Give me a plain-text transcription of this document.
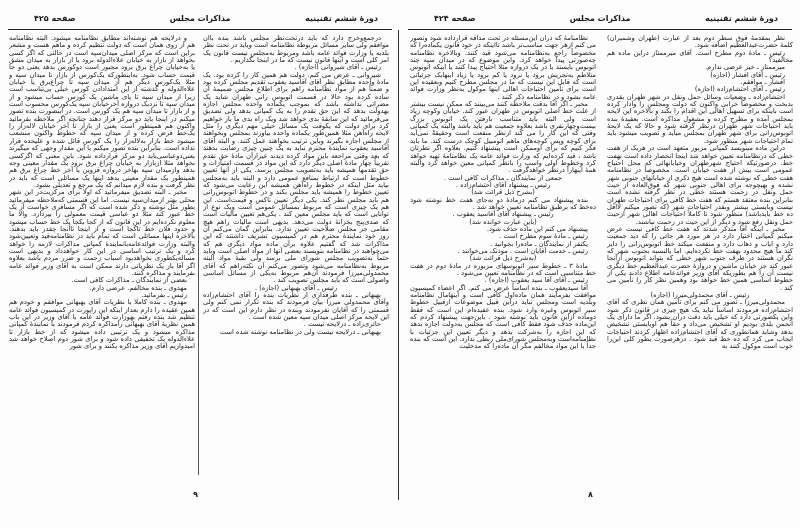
مذاکرات مجلس	دورهٔ ششم تقنینیه
صفحه ۴۲۵

درجمع‌وخرج دارد که باید درتحت‌نظر مجلس باشد بنده باآن موافقم ولی سایر مسائل مربوطه نظامنامه است وباید در تحت نظر بلدیه یا وزارت فوائد عامه باشد ومربوط به‌مجلس نیست قانون یک امر کلی است و اینها قانون نیست که ما در اینجا بگذاریم .

رئیس ـ آقای شیروانی (اجازه) .

شیروانی ـ عرض می کنم. دولت هم همین کار را کرده بود. یک مادهٔ واحده مطابق نظر آقای آقاسید یعقوب تقدیم مجلس کرده بود و ضمناً هم از مواد نظامنامه راهم برای اطلاع مجلس ضمیمهٔ آن ساده کرده بود حالا در قسمت اتوبوس رانی طهران شاید یک مضراتی نداشته باشد که بموجب یکماده واحده مجلس اجازه بهدولت بدهد که این حق تقدم را به یک کمپانی بدهد ولی تصدیق می‌فرمائید که این سابقهٔ بدی خواهد شد ویک راه بدی ما باز خواهیم کرد برای دولت که یکوقت یک مسائل خیلی مهم دیگری را مثل لایحه راه‌آهن مثلا همین‌طور یکماده واحده بیاورند بمجلس وبخواهند از مجلس اجازه بگیرند وباین ترتیب بخواهند عمل کنند. و البته آقای آقاسید یعقوب نمایندهٔ محترم نباید به یک چنین چیزی رضایت بدهند که بعد وقتی مراجعه باین مواد کرده دیدند غیرازآن مادهٔ حق تقدم تقریباً چهار مادهٔ اصلی دیگر دارد که این مواد در قسمت امتیازات و حق تقدمها همیشه باید به‌تصویب مجلس برسد. یکی از آنها تعیین خطوط است که ارتباط بمنافع عمومی دارد و البته باید به‌مجلس بیاید مثل اینکه در خطوط راه‌آهن همیشه این رعایت می‌شود که تعیین خطوط را همیشه باید مجلس بکند و در خطوط اتوبوس‌رانی هم باید مجلس نظر کند. یکی دیگر تعیین تاکس و قیمت‌است. این هم یک چیزی است که مربوط بمسائل عمومی است ویک نوع از توانایی است که باید مجلس معین کند . یکی‌هم تعیین مالیات است که صدی‌پنج بخزانهٔ دولت می‌دهد. بدیهی است مالیات راهم هیچ مقامی جز مجلس صلاحیت تعیین ندارد. بنابراین گمان می‌کنم آن روز خود نمایندهٔ محترم هم در کمیسیون تشریف داشتند که این مذاکرات شد که گفتیم علاوه برآن ماده مواد دیگری هم که می‌خواهند در نظامنامه بنویسند بعضی آنها از مواد اصلی است وباید حتماً به‌تصویب مجلس شورای ملی برسد ولی بقیهٔ مواد البته مربوط به‌نظامنامه می‌شود وتصور می‌کنم آن نکته‌راهم که آقای محمدولی‌میرزا فرمودند آن‌هم مربوط به‌یکی از مسائل اساسی واصولی است که باید مجلس تصویب کند .

رئیس ـ آقای بهبهانی (اجازه) .

بهبهانی ـ بنده طرفداری از نظریات بنده را آقای احتشام‌زاده وآقای محمدولی میرزا بیان فرمودند که بنده تکرار نمی کنم ولی قسمتی را که آقایان نفرمودند وبنده در نظر دارم این است که در این لایحه مرکز اصلی میدان سپه معین شده است .

حائری‌زاده ـ درلایحه نیست .

بهبهانی ـ درلایحه نیست ولی در نظامنامه نوشته شده است

و درلایحه هم نوشته‌اند مطابق نظامنامه میشود. البته نظامنامه هم از روی همان است که دولت تنظیم کرده و ماهم هست و مشعر براین است که مرکز اصلی میدان‌سپه است در حالتی که اگر کسی بخواهد از بازار به خیابان علاءالدوله برود یا از بازار به میدان مشق یا به‌خیابان چراغ برق برود مجبور است دوکورس بدهد یعنی دو جا قیمت حساب شود. به‌اینطورکه یک‌کورس از بازار تا میدان سپه و مثلا یک‌کورس دیگر هم از میدان سپه تا چراغ‌برق یا خیابان علاءالدوله و گذشته از این امتدادادن کورس خیلی بی‌تناسب است زیرا از میدان سپه تا پای ماشین یک کورس حساب میشود و از میدان سپه تا نزدیک دروازه آخرخیابان سپه یک‌کورس محسوب است و از بازار تا میدان سپه هم یک کورس است. در اینصورت بنده تصور میکنم در اینجا باید دو مرکز قرار دهند چنانچه اگر ملاحظه بفرمائید واکنون هم همینطور است یعنی از بازار تا آخر خیابان لاله‌زار را یک‌خط فرض کرده و از میدان سپه که خطوط واکنون منشعب میشود خط بازار به‌لاله‌زار را یک کورس قائل شده و علیحده قرار نداده است. بنابراین بنده تصور میکنم با این مقدار وجهی که میگیرند یعنی‌دوعباسی‌باید دو مرکز قرارداده شود. باین معنی که اگرکسی بخواهد مثلا ازبازار به خیابان چراغ برق برود یک مقدار معینی وجه بدهد وازمیدان سپه بهآخر دروازه قزوین یا آخر خط چراغ برق هم همینطور یک مقدار معینی بدهد اینها یک مسائلی است که باید در نظر گرفت و بنده لازم میدانم که یک مرجع و تعدیلی بشود.

مخبر ـ البته تصدیق میفرمائید که اولا برای مرکزیت‌در این شهر محلی بهتر ازمیدان‌سپه نیست. اما این قسمتی که‌ملاحظه میفرمائید بطور مثل نوشته و ذکر شده است که اگر مسافری خواست از یک خط عبور کند مثلا دو عباسی قیمت معمولی را بپردازد. والا ما معلوم نکرده‌ایم در این قانون که از کجا بکجا یک خط حساب میشود و حدود فلان خط تاکجا است و از اینجا تاآنجا چقدر باید بدهند. بالاخره اینها مسائلی است که تمام باید در نظامنامه‌قید وتعیین‌شود والبته وزارت فوائدعامه‌بانمایندهٔ کمپانی مذاکرات لازمه را خواهد کرد و یک ترتیب اساسی در این کار خواهدداد و بدیهی است مساله‌یکطوری نخواهدبود اسباب زحمت و ضرر مردم باشد بعلاوه اگر آقا باز یک نظریاتی دارند ممکن است به آقای وزیر فوائد عامه بفرمایند و مذاکره کنند.

بعضی از نمایندگان ـ مذاکرات کافی است.

مهدوی ـ بنده مخالفم. عرضی دارم.

رئیس ـ بفرمائید.

مهدوی ـ بنده کاملا با نظریات آقای بهبهانی موافقم و خودم هم همین عقیده را دارم بعداز اینکه این راپورت در کمیسیون فوائد عامه تنظیم شد بنده رفتم بهوزارت فوائد عامه با آقای وزیر در این باب همین نظریهٔ آقای بهبهانی رامذاکره کردم فرمودند با نمایندهٔ کمپانی مذاکره میشود و یک ترتیبی داده میشود که از خط بازار تا علاءالدوله یک تخفیفی داده شود و برای شور دوم اصلاح خواهد شد امیدواریم آقای وزیر مذاکره بکنند و برای شور

۹
مذاکرات مجلس	دورهٔ ششم تقنینیه
صفحه ۴۲۴
۸

نظر بمقدمهٔ فوق سطر دوم بعد از عبارت (طهران وشمیران) کلمهٔ حضرت‌عبدالعظیم اضافه شود.

رئیس ـ مادهٔ دوم مطرح است. آقای میرممتاز دراین ماده هم مخالفید؟

میرممتاز ـ خیر عرضی ندارم.

رئیس ـ آقای افشار (اجازه)

افشار ـ موافقم.

رئیس ـ آقای احتشام‌زاده (اجازه)

احتشام‌زاده ـ وضعیات وسائل حمل ونقل در شهر طهران بقدری بدبخت و مخصوصاً خرابی واکنون که دولت ومجلس را وادار کرده است باینکه برای تسهیل اهالی این اقدام را بکند و بالاخره این لایحه بمجلس آمده و مطرح کرده و مشغول مذاکره است. بعقیدهٔ بنده باید احتیاجات شهر طهران درنظر گرفته شود و حالا که یک لایحهٔ اتوبوس‌رانی برای شهر طهران بمجلس میآید و تصویب میشود باید تمام احتیاجات شهر منظور شود.

دراین ماده مینویسد کمپانی مزبور متعهد است در هریک از هفت خطی که درنظامنامه تعیین خواهد شد اینجا انحصار داده است بهفت خط. درصورتیکه احتیاج شهرطهران وخیابانهائی که محل احتیاج عمومی است بیش از هفت خیابان است. مخصوصاً در نظامنامه هفت خطی که نوشته شده است هیچ ذکری از خیابانهای جنوبی شهر نشده و بهیچوجه برای اهالی جنوبی شهر که فوق‌العاده از حیث حمل ونقل در زحمت هستند خطی در نظر گرفته نشده است بنابراین بنده معتقد هستم که هفت خط کافی برای احتیاجات طهران نیست وبایستی بیشتر وبقدر احتیاجات شهر (که تصور میکنم لااقل ده خط بایدباشد) منظور شود تا کاملاً احتیاجات اهالی شهر ازحیث حمل ونقل رفع شود و دیگر از این حیث در زحمت نباشند.

مخبر ـ اینکه آقا متذکر شدند که هفت خط کافی نیست عرض میکنم کمپانی اختیار دارد در هر مورد هر جائی را که دید جمعیت دارد و ایاب و ذهاب دارد و منفعت میکند خط اتوبوس‌رانی را دایر کند ما هیچ محدود بهفت خط نکرده‌ایم. اما بالنسبه بجنوب شهر که نگران هستند در طرف جنوب شهر خطی که بتواند اتوبوس ازآنجا عبور کند جز خیابان ماشین و دروازهٔ حضرت عبدالعظیم خط دیگری نیست آن را هم بطوریکه آقای وزیر فوائدعامه اطلاع دادند یکی از خطوط اساسی همین خط خواهد بود وهمین نظر کار را تأمین می کند .

رئیس ـ آقای محمدولی‌میرزا (اجازه)

محمدولی‌میرزا ـ تصور می کنم برای تأمین همان نظری که آقای احتشام‌زاده فرمودند اساساً نباید یک هیچ چیزی در قانون ذکر شود واین یکصورتی دارد که خیلی باید دقت درآن بشود. اگر ما دارای یک انجمن بلدی بودیم او تشخیص می‌داد و حقاً هم اوبایستی تشخیص بدهد وشاید همانطوری که آقای احتشام‌زاده اظهار کردند احتیاجات ایجاب می کرد که ده خط قید شود . درهرصورت بطور کلی این‌را خوب است موکول کنند به

نظامنامهٔ که درآن این‌مسئله در تحت مداقه قرارداده شود وتصور می کنم ازهر جهت مناسب‌تر باشد تااینکه در خود قانون یکماده‌را که مخصوصاً راجع به‌نظامنامه می‌شود قید کنند. وبالاخره نظامنامه چه‌صورتی پیدا خواهد کرد. واین موضوع که در میدان سپه چند اتوبوس بایستد یا در یک دروازه مثلا احتیاج پیدا کنند یا اینکه اتوبوس متلاطم به‌تجریش برود یا نرود یا کم برود یا زیاد اینهایک جزئیاتی است که قابل این نیست که ما در مجلس مطرح کنیم وبعقیده این است برای تأمین احتیاجات اهالی اینها موکول به‌نظر وزارت فوائد عامه بشود و در نظامنامه ذکر کنند .

مخبر ـ اگر آقا بدقت ملاحظه کنند می‌بینند که ممکن نیست بیشتر از علت خط اصلی اتوبوس در طهران عبور کند. خیابان وکوچه زیاد است ولی البته باید متناسب بارفتن یک اتوبوس بزرگ بیست‌وچهارنفری باشد بعلاوه جمعیت هم باید باشد والبته یک کمپانی وقتی که این کار را می کند ازنظر منفعت است وحقیقةً نمی‌آید برای کوچه وپس کوچه‌های ماهم اتومبیل کوچک درست کند. ما باید فکر کنیم که برای اوممکن است پیشنهاد کنیم. بعلاوه اگر نظرتان باشد ، قید کرده‌ایم که وزارت فوائد عامه یک نظامنامهٔ تهیه خواهد کرد وخطوط اولی واسب را بانظر کمپانی معین خواهد کرد والبته همهٔ اینهارا درنظر خواهدگرفت .

جمعی از نمایندگان ـ مذاکرات کافی است .

رئیس ـ پیشنهاد آقای احتشام‌زاده .

(بشرح ذیل قرائت شد)

بنده پیشنهاد می کنم درمادهٔ دو به‌جای هفت خط نوشته شود ده‌خط که برطبق نظامنامه تعیین خواهد شد .

رئیس ـ پیشنهاد آقای آقاسید یعقوب .

(باین عبارت خوانده شد)

پیشنهاد می کنم این ماده حذف شود.

رئیس ـ مادهٔ سوم مطرح است .

یکنفر از نمایندگان ـ ماده‌را بخوانید .

رئیس ـ خدمت آقایان است . موذنک می‌خوانند .

(به‌شرح ذیل قرائت شد)

مادهٔ ۳ ـ خطوط سیر اتوبوسهای مزبوره در مادهٔ دوم در هفت خط متناسبی است که در نظامنامه تعیین می‌شود .

رئیس ـ آقای آقا سید یعقوب (اجازه) .

آقا سیدیعقوب ـ بنده اساساً عرض می کنم. اگر اعضاء کمیسیون موافقت بفرمایند همان ماده‌اول کافی است و اینهامال نظامنامه وبلدیه است ومجلس نباید دراین قبیل موضوعات ازقبیل خطوط سیر اتوبوس وغیره وارد شود. بنده عقیده‌ام این است که فقط دوماده ازاین قانون باید نوشته شود . باین‌جهت پیشنهاد کردم که این‌ماده حذف شود فقط کافی است که مجلس به‌دولت اجازه بدهد که این اجازه را به‌شرکت بدهد و دیگر تعیین این جزئیات با نظامنامه‌است وبه‌مجلس شورای‌ملی ربطی ندارد. این است که بنده جداً با این مواد مخالفم مگر آن ماده‌را که مدخلیت
